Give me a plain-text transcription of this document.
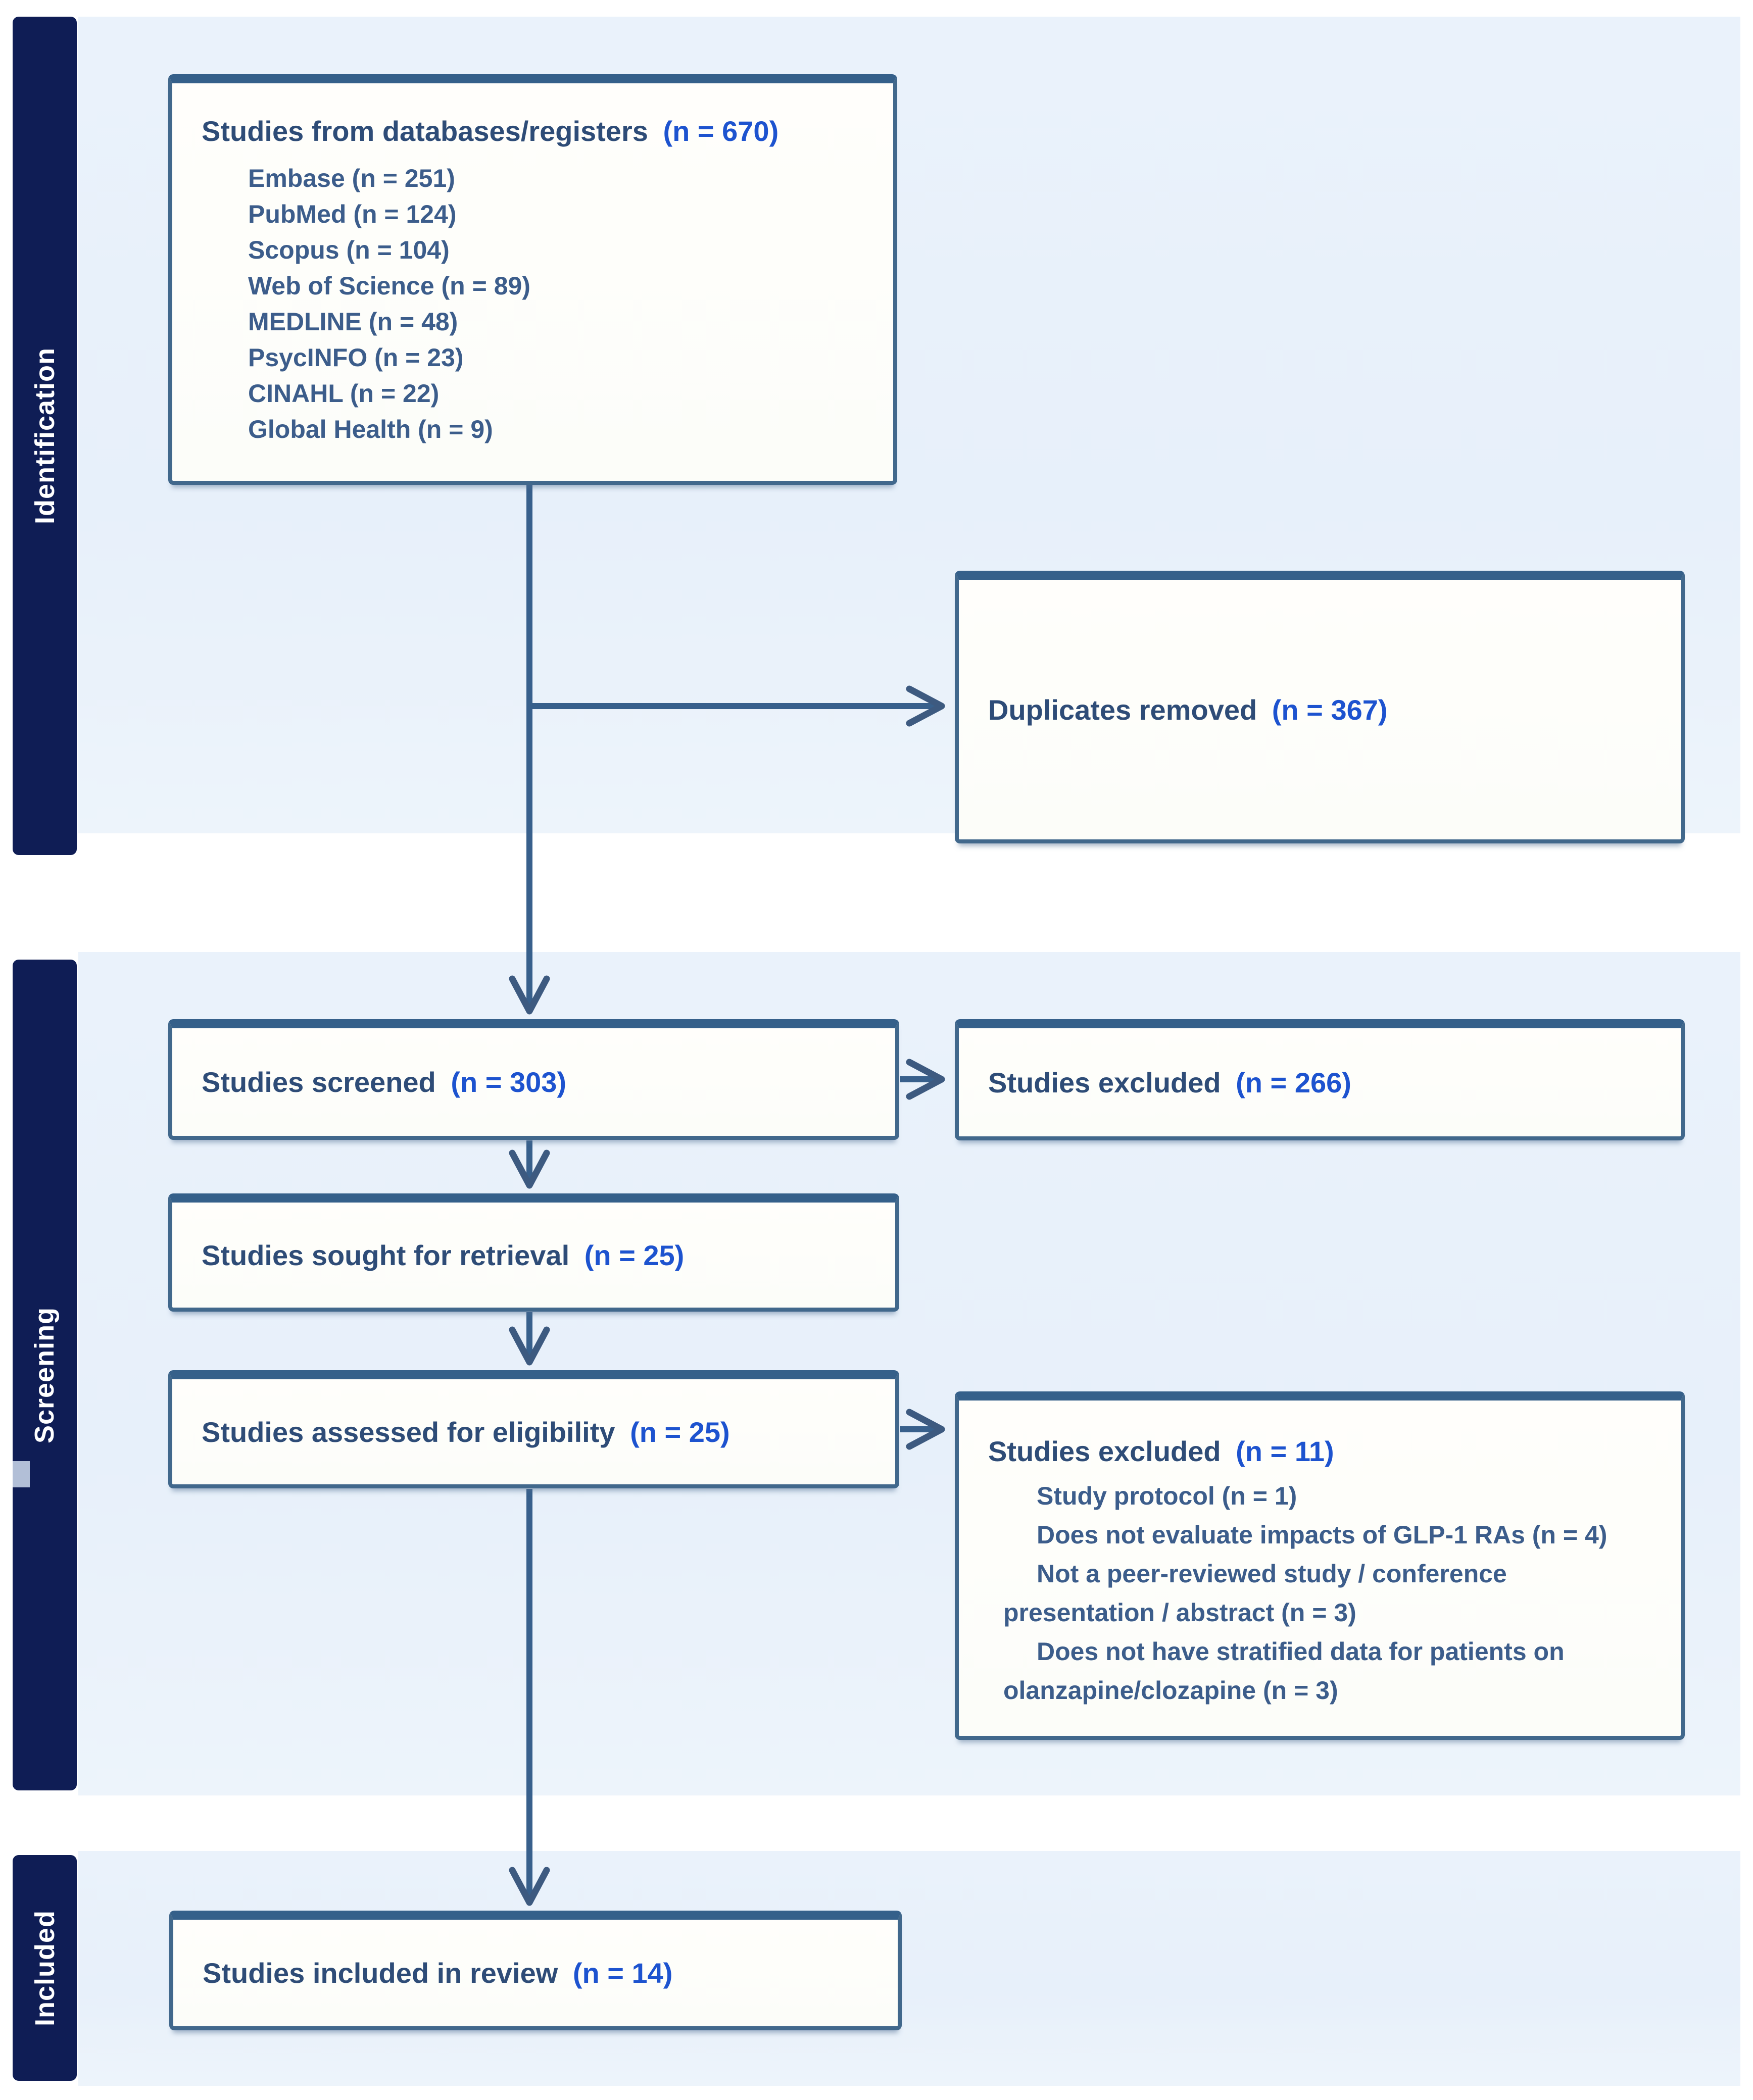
Identification
Screening
Included
Studies from databases/registers (n = 670)
Embase (n = 251)
PubMed (n = 124)
Scopus (n = 104)
Web of Science (n = 89)
MEDLINE (n = 48)
PsycINFO (n = 23)
CINAHL (n = 22)
Global Health (n = 9)
Duplicates removed (n = 367)
Studies screened (n = 303)	Studies excluded (n = 266)
Studies sought for retrieval (n = 25)
Studies assessed for eligibility (n = 25)
Studies excluded (n = 11)
Study protocol (n = 1)
Does not evaluate impacts of GLP-1 RAs (n = 4)
Not a peer-reviewed study / conference
presentation / abstract (n = 3)
Does not have stratified data for patients on
olanzapine/clozapine (n = 3)
Studies included in review (n = 14)
